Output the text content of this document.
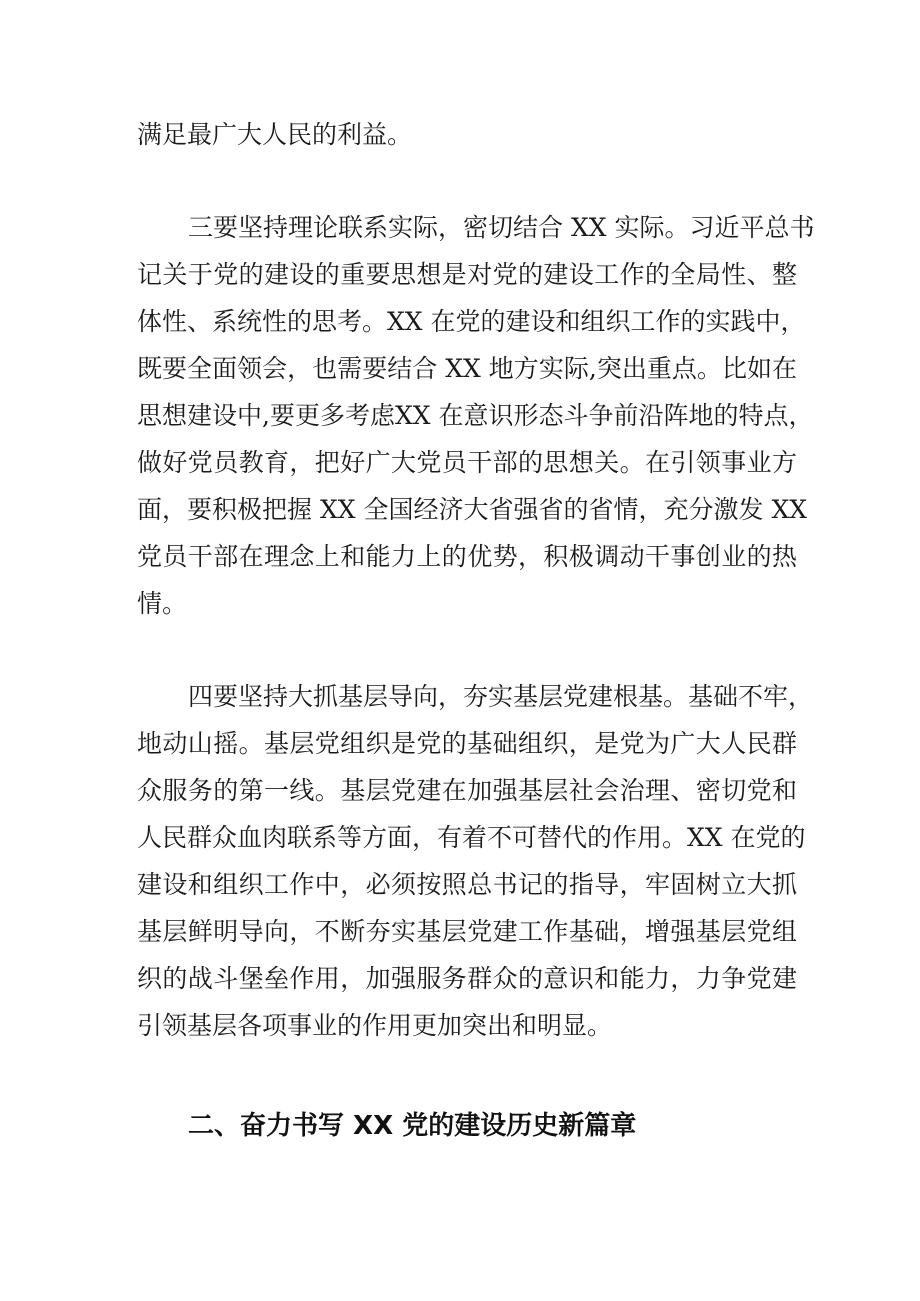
满足最广大人民的利益。
三要坚持理论联系实际，密切结合 XX 实际。习近平总书
记关于党的建设的重要思想是对党的建设工作的全局性、整
体性、系统性的思考。XX 在党的建设和组织工作的实践中，
既要全面领会，也需要结合 XX 地方实际,突出重点。比如在
思想建设中,要更多考虑XX 在意识形态斗争前沿阵地的特点，
做好党员教育，把好广大党员干部的思想关。在引领事业方
面，要积极把握 XX 全国经济大省强省的省情，充分激发 XX
党员干部在理念上和能力上的优势，积极调动干事创业的热
情。
四要坚持大抓基层导向，夯实基层党建根基。基础不牢，
地动山摇。基层党组织是党的基础组织，是党为广大人民群
众服务的第一线。基层党建在加强基层社会治理、密切党和
人民群众血肉联系等方面，有着不可替代的作用。XX 在党的
建设和组织工作中，必须按照总书记的指导，牢固树立大抓
基层鲜明导向，不断夯实基层党建工作基础，增强基层党组
织的战斗堡垒作用，加强服务群众的意识和能力，力争党建
引领基层各项事业的作用更加突出和明显。
二、奋力书写 XX 党的建设历史新篇章
